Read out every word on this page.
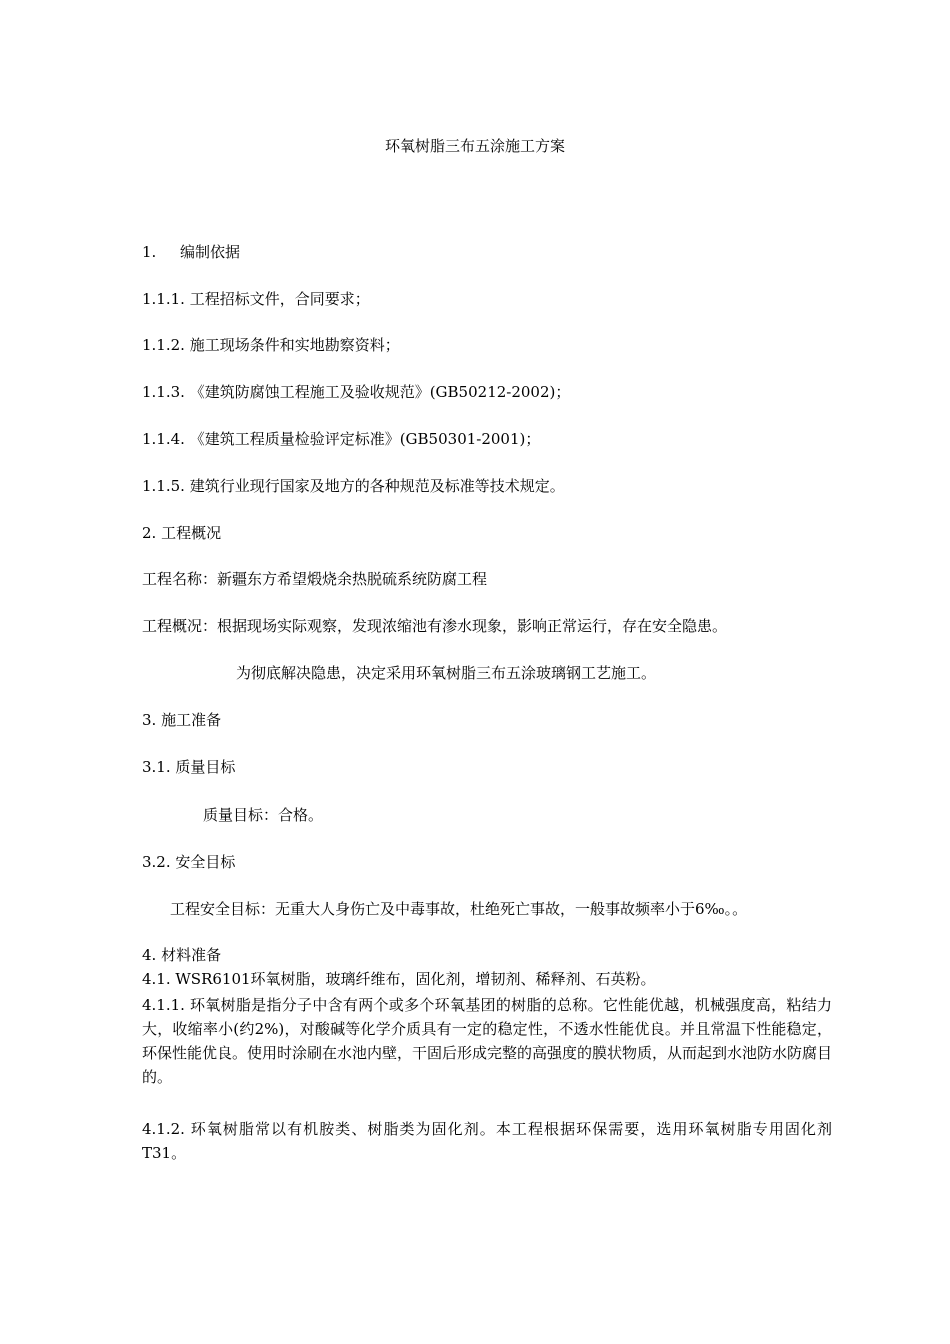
环氧树脂三布五涂施工方案
1. 编制依据
1.1.1. 工程招标文件，合同要求；
1.1.2. 施工现场条件和实地勘察资料；
1.1.3. 《建筑防腐蚀工程施工及验收规范》(GB50212-2002)；
1.1.4. 《建筑工程质量检验评定标准》(GB50301-2001)；
1.1.5. 建筑行业现行国家及地方的各种规范及标准等技术规定。
2. 工程概况
工程名称：新疆东方希望煅烧余热脱硫系统防腐工程
工程概况：根据现场实际观察，发现浓缩池有渗水现象，影响正常运行，存在安全隐患。
为彻底解决隐患，决定采用环氧树脂三布五涂玻璃钢工艺施工。
3. 施工准备
3.1. 质量目标
质量目标：合格。
3.2. 安全目标
工程安全目标：无重大人身伤亡及中毒事故，杜绝死亡事故，一般事故频率小于6‰。。
4. 材料准备
4.1. WSR6101环氧树脂，玻璃纤维布，固化剂，增韧剂、稀释剂、石英粉。
4.1.1. 环氧树脂是指分子中含有两个或多个环氧基团的树脂的总称。它性能优越，机械强度高，粘结力大，收缩率小(约2%)，对酸碱等化学介质具有一定的稳定性，不透水性能优良。并且常温下性能稳定，环保性能优良。使用时涂刷在水池内壁，干固后形成完整的高强度的膜状物质，从而起到水池防水防腐目的。
4.1.2. 环氧树脂常以有机胺类、树脂类为固化剂。本工程根据环保需要，选用环氧树脂专用固化剂T31。
